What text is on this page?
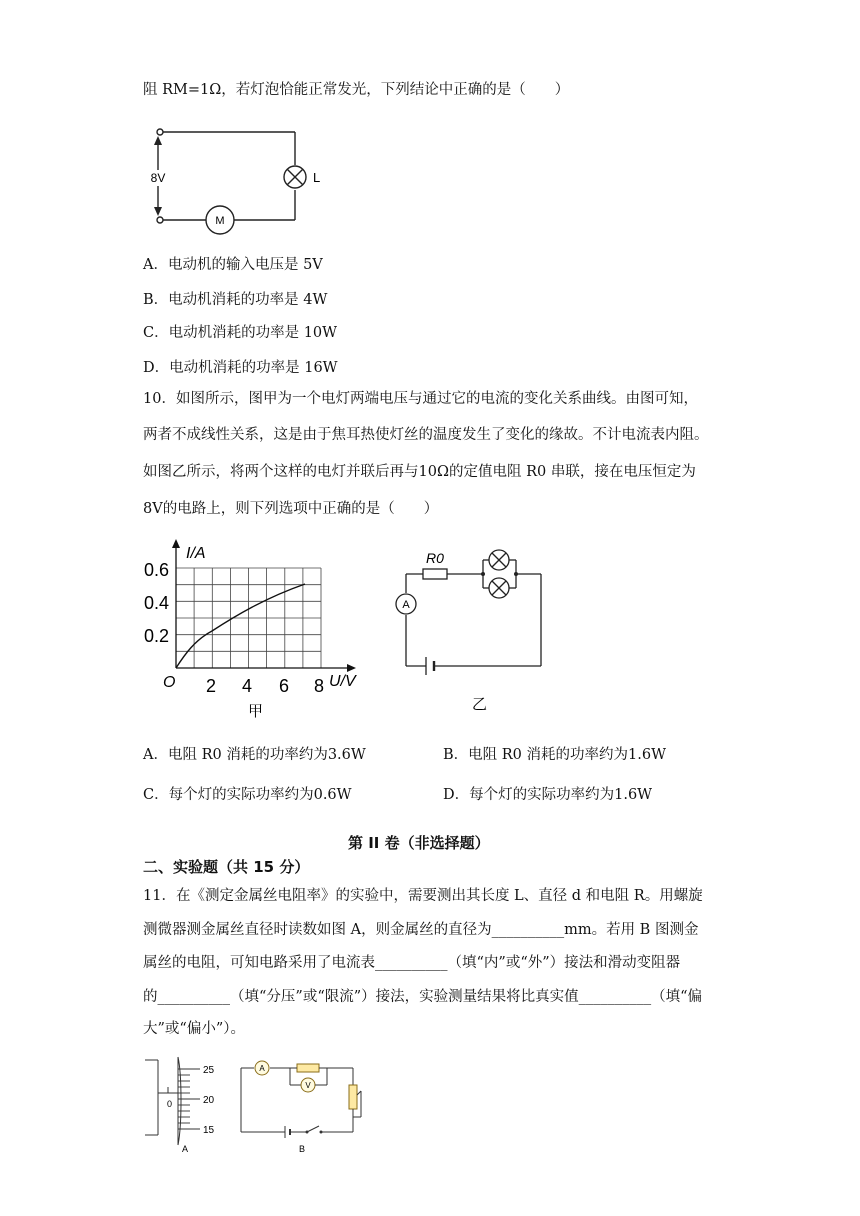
阻 RM=1Ω，若灯泡恰能正常发光，下列结论中正确的是（　　）
8V	L
M
A．电动机的输入电压是 5V
B．电动机消耗的功率是 4W
C．电动机消耗的功率是 10W
D．电动机消耗的功率是 16W
10．如图所示，图甲为一个电灯两端电压与通过它的电流的变化关系曲线。由图可知，
两者不成线性关系，这是由于焦耳热使灯丝的温度发生了变化的缘故。不计电流表内阻。
如图乙所示，将两个这样的电灯并联后再与10Ω的定值电阻 R0 串联，接在电压恒定为
8V的电路上，则下列选项中正确的是（　　）
I/A
0.6
0.4
0.2
O 2 4 6 8 U/V
甲
R0
A
乙
A．电阻 R0 消耗的功率约为3.6W	B．电阻 R0 消耗的功率约为1.6W
C．每个灯的实际功率约为0.6W	D．每个灯的实际功率约为1.6W
第 II 卷（非选择题）
二、实验题（共 15 分）
11．在《测定金属丝电阻率》的实验中，需要测出其长度 L、直径 d 和电阻 R。用螺旋
测微器测金属丝直径时读数如图 A，则金属丝的直径为__________mm。若用 B 图测金
属丝的电阻，可知电路采用了电流表__________（填“内”或“外”）接法和滑动变阻器
的__________（填“分压”或“限流”）接法，实验测量结果将比真实值__________（填“偏
大”或“偏小”）。
25
20
15
0
A
A
V
B
